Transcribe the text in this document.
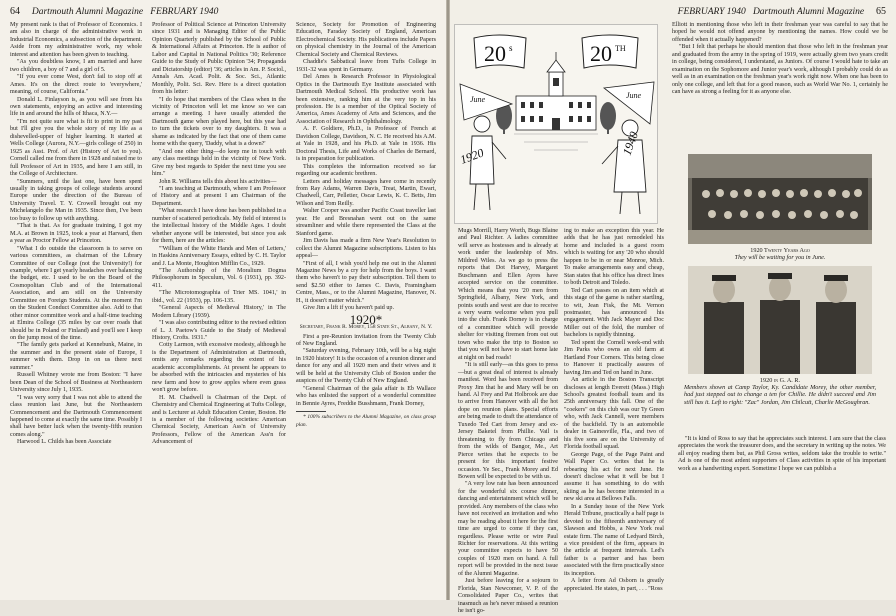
64 Dartmouth Alumni Magazine FEBRUARY 1940

My present rank is that of Professor of Economics. I am also in charge of the administrative work in Industrial Economics, a subsection of the department. Aside from my administrative work, my whole interest and attention has been given to teaching.

"As you doubtless know, I am married and have two children, a boy of 7 and a girl of 5.

"If you ever come West, don't fail to stop off at Ames. It's on the direct route to 'everywhere,' meaning, of course, California."

Donald L. Finlayson is, as you will see from his own statements, enjoying an active and interesting life in and around the hills of Ithaca, N.Y.—

"I'm not quite sure what is fit to print in my past but I'll give you the whole story of my life as a dishevelled-upper of higher learning. It started at Wells College (Aurora, N.Y.—girls college of 250) in 1925 as Asst. Prof. of Art (History of Art to you). Cornell called me from there in 1928 and raised me to full Professor of Art in 1935, and here I am still, in the College of Architecture.

"Summers, until the last one, have been spent usually in taking groups of college students around Europe under the direction of the Bureau of University Travel. T. Y. Crowell brought out my Michelangelo the Man in 1935. Since then, I've been too busy to follow up with anything.

"That is that. As for graduate training, I got my M.A. at Brown in 1925, took a year at Harvard, then a year as Proctor Fellow at Princeton.

"What I do outside the classroom is to serve on various committees, as chairman of the Library Committee of our College (not the University!) for example, where I get yearly headaches over balancing the budget, etc. I used to be on the Board of the Cosmopolitan Club and of the International Association, and am still on the University Committee on Foreign Students. At the moment I'm on the Student Conduct Committee also. Add to that other minor committee work and a half-time teaching at Elmira College (35 miles by car over roads that should be in Poland or Finland) and you'll see I keep on the jump most of the time.

"The family gets parked at Kennebunk, Maine, in the summer and in the present state of Europe, I summer with them. Drop in on us there next summer."

Russell Whitney wrote me from Boston: "I have been Dean of the School of Business at Northeastern University since July 1, 1935.

"I was very sorry that I was not able to attend the class reunion last June, but the Northeastern Commencement and the Dartmouth Commencement happened to come at exactly the same time. Possibly I shall have better luck when the twenty-fifth reunion comes along."

Harwood L. Childs has been Associate

Professor of Political Science at Princeton University since 1931 and is Managing Editor of the Public Opinion Quarterly published by the School of Public & International Affairs at Princeton. He is author of Labor and Capital in National Politics '30; Reference Guide to the Study of Public Opinion '34; Propaganda and Dictatorship (editor) '36; articles in Am. P. Sociol., Annals Am. Acad. Polit. & Soc. Sci., Atlantic Monthly, Polit. Sci. Rev. Here is a direct quotation from his letter:

"I do hope that members of the Class when in the vicinity of Princeton will let me know so we can arrange a meeting. I have usually attended the Dartmouth game when played here, but this year had to turn the tickets over to my daughters. It was a shame as indicated by the fact that one of them came home with the query, 'Daddy, what is a down?'

"And one other thing—do keep me in touch with any class meetings held in the vicinity of New York. Give my best regards to Spider the next time you see him."

John R. Williams tells this about his activities—

"I am teaching at Dartmouth, where I am Professor of History and at present I am Chairman of the Department.

"What research I have done has been published in a number of scattered periodicals. My field of interest is the intellectual history of the Middle Ages. I doubt whether anyone will be interested, but since you ask for them, here are the articles:

"'William of the White Hands and Men of Letters,' in Haskins Anniversary Essays, edited by C. H. Taylor and J. La Monte, Houghton Mifflin Co., 1929.

"The Authorship of the Moralium Dogma Philosophorum in Speculum, Vol. 6 (1931), pp. 392-411.

"The Microtomographia of Trier MS. 1041,' in ibid., vol. 22 (1933), pp. 106-135.

"General Aspects of Medieval History,' in The Modern Library (1939).

"I was also contributing editor to the revised edition of L. J. Paetow's Guide to the Study of Medieval History, Crofts. 1931."

Cotty Larmon, with excessive modesty, although he is the Department of Administration at Dartmouth, omits any remarks regarding the extent of his academic accomplishments. At present he appears to be absorbed with the intricacies and mysteries of his new farm and how to grow apples where even grass won't grow before.

H. M. Chadwell is Chairman of the Dept. of Chemistry and Chemical Engineering at Tufts College, and is Lecturer at Adult Education Center, Boston. He is a member of the following societies: American Chemical Society, American Ass'n of University Professors, Fellow of the American Ass'n for Advancement of

Science, Society for Promotion of Engineering Education, Faraday Society of England, American Electrochemical Society. His publications include Papers on physical chemistry in the Journal of the American Chemical Society and Chemical Reviews.

Chaddie's Sabbatical leave from Tufts College in 1931-32 was spent in Germany.

Del Ames is Research Professor in Physiological Optics in the Dartmouth Eye Institute associated with Dartmouth Medical School. His productive work has been extensive, ranking him at the very top in his profession. He is a member of the Optical Society of America, Ames Academy of Arts and Sciences, and the Association of Research in Ophthalmology.

A. F. Goldiere, Ph.D., is Professor of French at Davidson College, Davidson, N. C. He received his A.M. at Yale in 1928, and his Ph.D. at Yale in 1936. His Doctoral Thesis, Life and Works of Charles de Bernard, is in preparation for publication.

This completes the information received so far regarding our academic brethren.

Letters and holiday messages have come in recently from Ray Adams, Warren Davis, Treat, Martin, Ewart, Chadwell, Carr, Pelletier, Oscar Lewis, K. C. Betts, Jim Wilson and Tom Reilly.

Walter Cooper was another Pacific Coast traveller last year. He and Bresnahan went out on the same streamliner and while there represented the Class at the Stanford game.

Jim Davis has made a firm New Year's Resolution to collect the Alumni Magazine subscriptions. Listen to his appeal—

"First of all, I wish you'd help me out in the Alumni Magazine News by a cry for help from the boys. I want them who haven't to pay their subscription. Tell them to send $2.50 either to James C. Davis, Framingham Centre, Mass., or to the Alumni Magazine, Hanover, N. H., it doesn't matter which."

Give Jim a lift if you haven't paid up.

1920*
Secretary, Frank R. Morey, 158 State St., Albany, N. Y.

First a pre-Reunion invitation from the Twenty Club of New England.

"Saturday evening, February 10th, will be a big night in 1920 history! It is the occasion of a reunion dinner and dance for any and all 1920 men and their wives and it will be held at the University Club of Boston under the auspices of the Twenty Club of New England.

"General Chairman of the gala affair is Eb Wallace who has enlisted the support of a wonderful committee in Bennie Ayres, Freddie Busshmann, Frank Dorney,

* 100% subscribers to the Alumni Magazine, on class group plan.

FEBRUARY 1940 Dartmouth Alumni Magazine 65
20 s	20 TH
June
1920
June
1940

Mugs Morrill, Harry Worth, Bugs Blaine and Paul Richter. A ladies committee will serve as hostesses and is already at work under the leadership of Mrs. Mildred Wiles. As we go to press the reports that Dot Harvey, Margaret Buschmann and Ellen Ayres have accepted service on the committee. Which means that you '20 men from Springfield, Albany, New York, and points south and west are due to receive a very warm welcome when you pull into the club. Frank Dorney is in charge of a committee which will provide shelter for visiting firemen from out out town who make the trip to Boston so that you will not have to start home late at night on bad roads!

"It is still early—as this goes to press—but a great deal of interest is already manifest. Word has been received from Proxy Jim that he and Mary will be on hand. Al Frey and Pat Holbrook are due to arrive from Hanover with all the hot dope on reunion plans. Special efforts are being made to draft the attendance of Tuxedo Ted Cart from Jersey and ex-Jersey Baketel from Phillie. Vail is threatening to fly from Chicago and from the wilds of Bangor, Me., Art Pierce writes that he expects to be present for this important festive occasion. Ye Sec., Frank Morey and Ed Bowen will be expected to be with us.

"A very low rate has been announced for the wonderful six course dinner, dancing and entertainment which will be provided. Any members of the class who have not received an invitation and who may be reading about it here for the first time are urged to come if they can, regardless. Please write or wire Paul Richter for reservations. At this writing your committee expects to have 50 couples of 1920 men on hand. A full report will be provided in the next issue of the Alumni Magazine.

Just before leaving for a sojourn to Florida, Stan Newcomer, V. P. of the Consolidated Paper Co., writes that inasmuch as he's never missed a reunion he isn't go-

ing to make an exception this year. He adds that he has just remodeled his home and included is a guest room which is waiting for any '20 who should happen to be in or near Monroe, Mich. To make arrangements easy and cheap, Stan states that his office has direct lines to both Detroit and Toledo.

Ted Cart passes on an item which at this stage of the game is rather startling, to wit, Jean Fisk, the Mt. Vernon postmaster, has announced his engagement. With Jack Mayer and Doc Miller out of the fold, the number of bachelors is rapidly thinning.

Ted spent the Cornell week-end with Jim Parks who owns an old farm at Hartland Four Corners. This being close to Hanover it practically assures of having Jim and Ted on hand in June.

An article in the Boston Transcript discloses at length Everett (Mass.) High School's greatest football team and its 25th anniversary this fall. One of the "coekers" on this club was our Ty Green who, with Jack Cannell, were members of the backfield. Ty is an automobile dealer in Gainesville, Fla., and two of his five sons are on the University of Florida football squad.

George Page, of the Page Paint and Wall Paper Co. writes that he is rebearing his act for next June. He doesn't disclose what it will be but I assume it has something to do with skiing as he has become interested in a new ski area at Bellows Falls.

In a Sunday issue of the New York Herald Tribune, practically a half page is devoted to the fifteenth anniversary of Slawson and Hobbs, a New York real estate firm. The name of Ledyard Birch, a vice president of the firm, appears in the article at frequent intervals. Led's father is a partner and has been associated with the firm practically since its inception.

A letter from Ad Osborn is greatly appreciated. He states, in part, . . . "Ross

Elliott in mentioning those who left in their freshman year was careful to say that he hoped he would not offend anyone by mentioning the names. How could we be offended when it actually happened?

"But I felt that perhaps he should mention that those who left in the freshman year and graduated from the army in the spring of 1919, were actually given two years credit in college, being considered, I understand, as Juniors. Of course I would hate to take an examination on the Sophomore and Junior year's work, although I probably could do as well as in an examination on the freshman year's work right now. When one has been to only one college, and left that for a good reason, such as World War No. 1, certainly he can have as strong a feeling for it as anyone else.

1920 Twenty Years Ago
They will be waiting for you in June.
1920 in G. A. R.
Members shown at Camp Taylor, Ky. Candidate Morey, the other member, had just stepped out to change a ten for Chillie. He didn't succeed and Jim still has it. Left to right: "Zac" Jordan, Jim Chilcutt, Charlie McGoughran.

"It is kind of Ross to say that he appreciates such interest. I am sure that the class appreciates the work the treasurer does, and the secretary in writing up the notes. We all enjoy reading them but, as Phil Gross writes, seldom take the trouble to write." Ad is one of the most ardent supporters of Class activities in spite of his important work as a handwriting expert. Sometime I hope we can publish a
